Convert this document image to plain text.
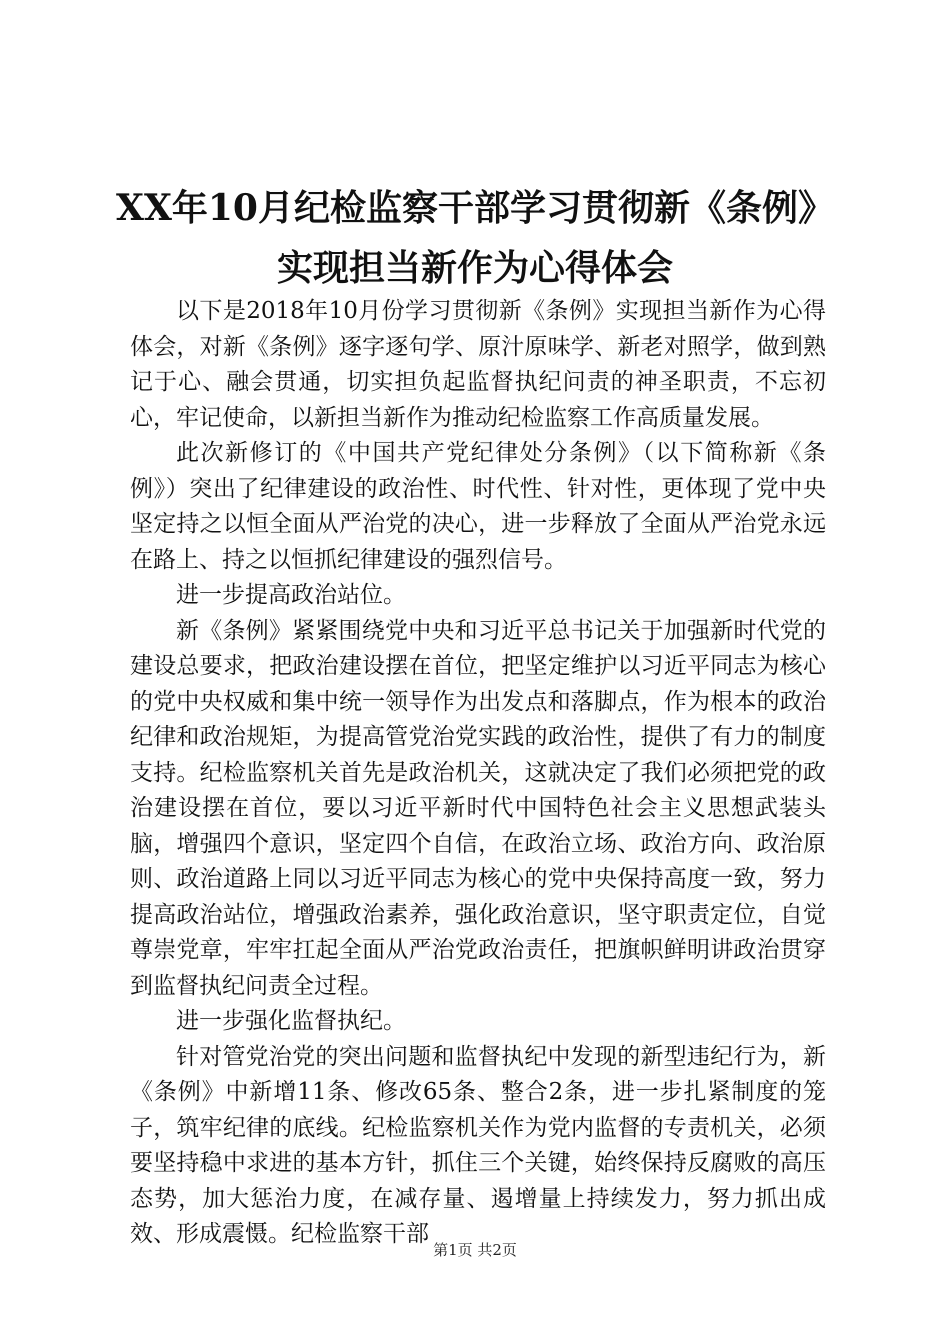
XX年10月纪检监察干部学习贯彻新《条例》
实现担当新作为心得体会

以下是2018年10月份学习贯彻新《条例》实现担当新作为心得体会，对新《条例》逐字逐句学、原汁原味学、新老对照学，做到熟记于心、融会贯通，切实担负起监督执纪问责的神圣职责，不忘初心，牢记使命，以新担当新作为推动纪检监察工作高质量发展。

此次新修订的《中国共产党纪律处分条例》（以下简称新《条例》）突出了纪律建设的政治性、时代性、针对性，更体现了党中央坚定持之以恒全面从严治党的决心，进一步释放了全面从严治党永远在路上、持之以恒抓纪律建设的强烈信号。

进一步提高政治站位。

新《条例》紧紧围绕党中央和习近平总书记关于加强新时代党的建设总要求，把政治建设摆在首位，把坚定维护以习近平同志为核心的党中央权威和集中统一领导作为出发点和落脚点，作为根本的政治纪律和政治规矩，为提高管党治党实践的政治性，提供了有力的制度支持。纪检监察机关首先是政治机关，这就决定了我们必须把党的政治建设摆在首位，要以习近平新时代中国特色社会主义思想武装头脑，增强四个意识，坚定四个自信，在政治立场、政治方向、政治原则、政治道路上同以习近平同志为核心的党中央保持高度一致，努力提高政治站位，增强政治素养，强化政治意识，坚守职责定位，自觉尊崇党章，牢牢扛起全面从严治党政治责任，把旗帜鲜明讲政治贯穿到监督执纪问责全过程。

进一步强化监督执纪。

针对管党治党的突出问题和监督执纪中发现的新型违纪行为，新《条例》中新增11条、修改65条、整合2条，进一步扎紧制度的笼子，筑牢纪律的底线。纪检监察机关作为党内监督的专责机关，必须要坚持稳中求进的基本方针，抓住三个关键，始终保持反腐败的高压态势，加大惩治力度，在减存量、遏增量上持续发力，努力抓出成效、形成震慑。纪检监察干部

第1页 共2页
